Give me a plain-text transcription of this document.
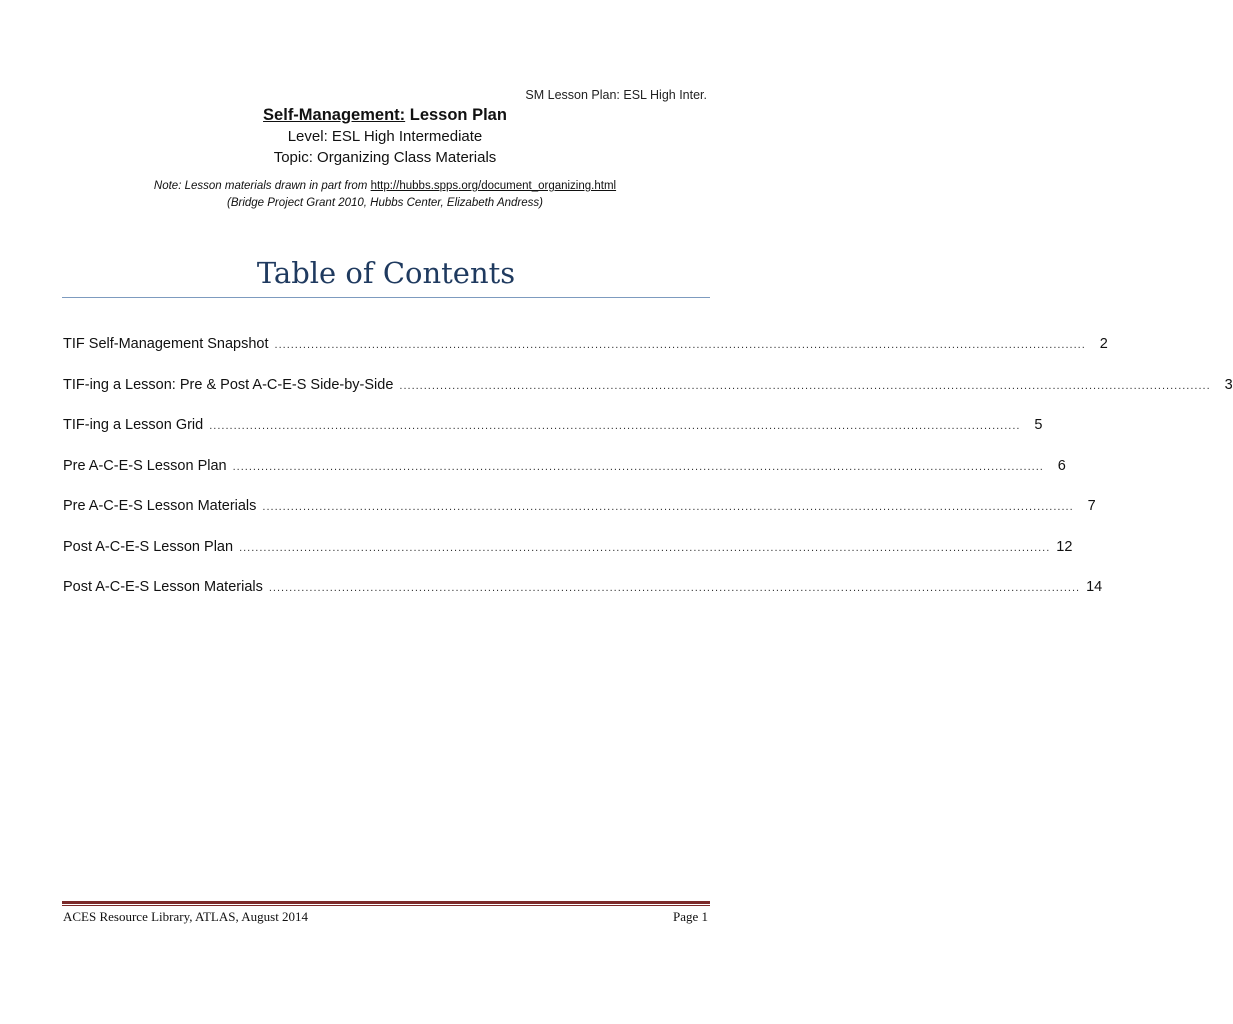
SM Lesson Plan: ESL High Inter.
Self-Management: Lesson Plan
Level: ESL High Intermediate
Topic: Organizing Class Materials
Note: Lesson materials drawn in part from http://hubbs.spps.org/document_organizing.html
(Bridge Project Grant 2010, Hubbs Center, Elizabeth Andress)
Table of Contents
TIF Self-Management Snapshot ........................................................................................................................................................................................................ 2
TIF-ing a Lesson: Pre & Post A-C-E-S Side-by-Side ........................................................................................................................................................................................................ 3
TIF-ing a Lesson Grid ........................................................................................................................................................................................................ 5
Pre A-C-E-S Lesson Plan ........................................................................................................................................................................................................ 6
Pre A-C-E-S Lesson Materials ........................................................................................................................................................................................................ 7
Post A-C-E-S Lesson Plan ........................................................................................................................................................................................................ 12
Post A-C-E-S Lesson Materials ........................................................................................................................................................................................................ 14
ACES Resource Library, ATLAS, August 2014	Page 1
